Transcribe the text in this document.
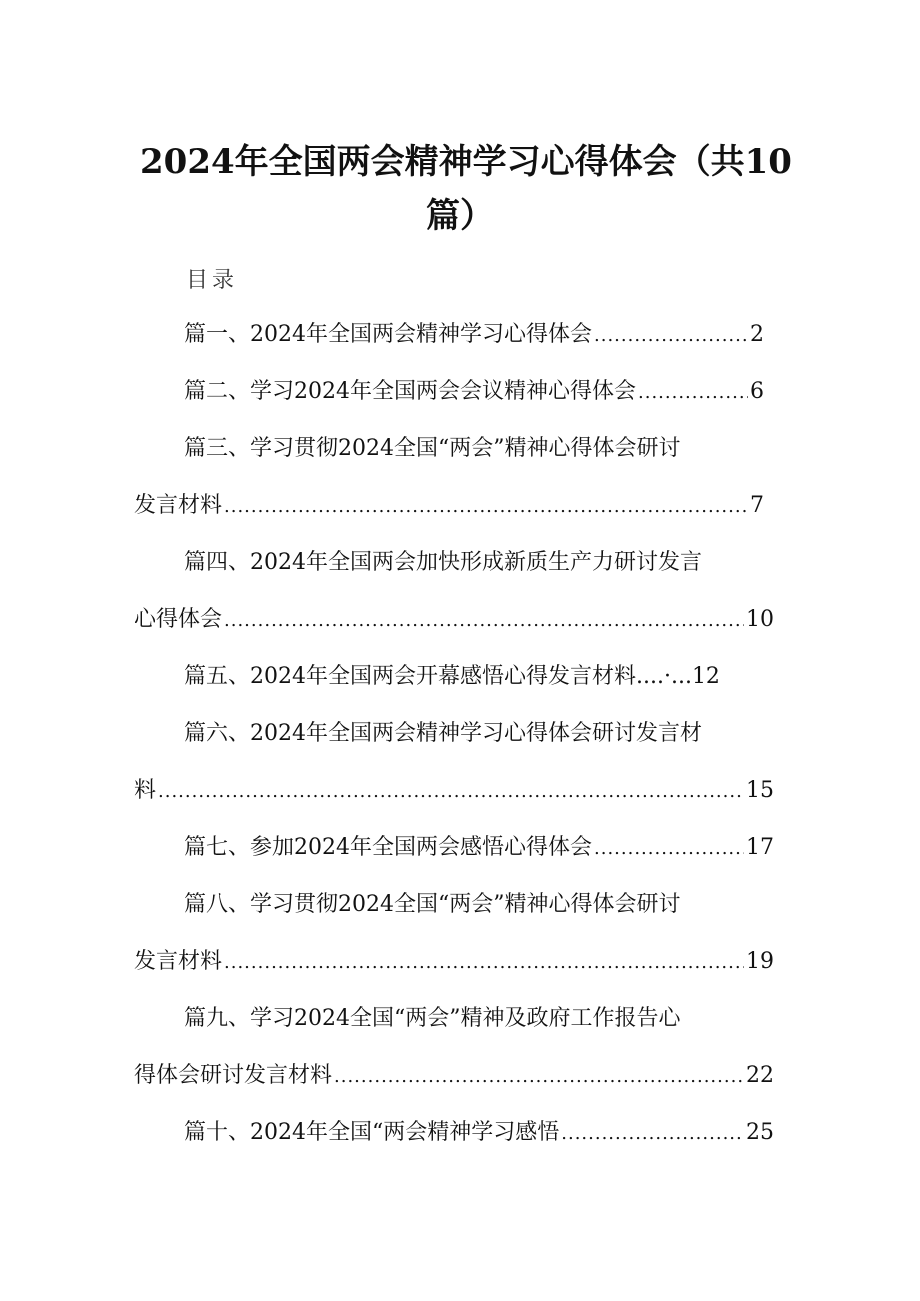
2024年全国两会精神学习心得体会（共10
篇）
目录
篇一、2024年全国两会精神学习心得体会 .....	2
篇二、学习2024年全国两会会议精神心得体会 .....	6
篇三、学习贯彻2024全国“两会”精神心得体会研讨
发言材料 .....	7
篇四、2024年全国两会加快形成新质生产力研讨发言
心得体会 .....	10
篇五、2024年全国两会开幕感悟心得发言材料....·... 12
篇六、2024年全国两会精神学习心得体会研讨发言材
料 .....	15
篇七、参加2024年全国两会感悟心得体会 .....	17
篇八、学习贯彻2024全国“两会”精神心得体会研讨
发言材料 .....	19
篇九、学习2024全国“两会”精神及政府工作报告心
得体会研讨发言材料 .....	22
篇十、2024年全国“两会精神学习感悟 .....	25
